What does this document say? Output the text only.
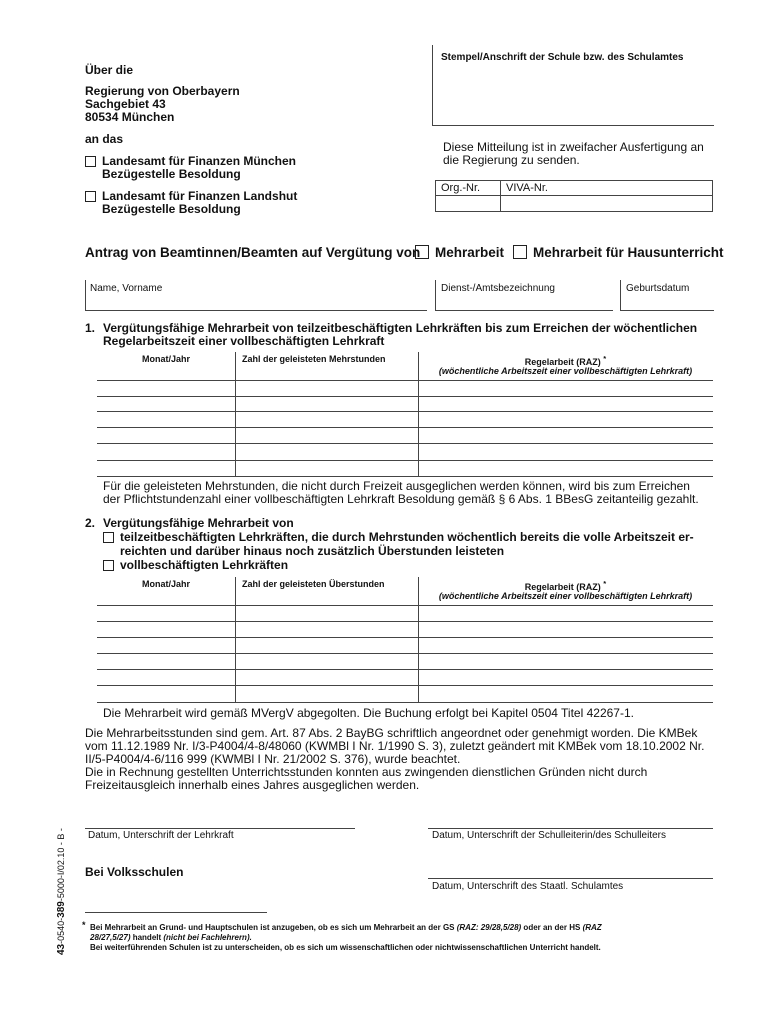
Stempel/Anschrift der Schule bzw. des Schulamtes
Über die
Regierung von Oberbayern
Sachgebiet 43
80534 München
an das
Landesamt für Finanzen München
Bezügestelle Besoldung
Landesamt für Finanzen Landshut
Bezügestelle Besoldung
Diese Mitteilung ist in zweifacher Ausfertigung an die Regierung zu senden.
Org.-Nr. VIVA-Nr.
Antrag von Beamtinnen/Beamten auf Vergütung von	Mehrarbeit	Mehrarbeit für Hausunterricht
Name, Vorname	Dienst-/Amtsbezeichnung	Geburtsdatum
1. Vergütungsfähige Mehrarbeit von teilzeitbeschäftigten Lehrkräften bis zum Erreichen der wöchentlichen
Regelarbeitszeit einer vollbeschäftigten Lehrkraft
Monat/Jahr	Zahl der geleisteten Mehrstunden	Regelarbeit (RAZ) *
(wöchentliche Arbeitszeit einer vollbeschäftigten Lehrkraft)
Für die geleisteten Mehrstunden, die nicht durch Freizeit ausgeglichen werden können, wird bis zum Erreichen der Pflichtstundenzahl einer vollbeschäftigten Lehrkraft Besoldung gemäß § 6 Abs. 1 BBesG zeitanteilig gezahlt.
2. Vergütungsfähige Mehrarbeit von
teilzeitbeschäftigten Lehrkräften, die durch Mehrstunden wöchentlich bereits die volle Arbeitszeit er-
reichten und darüber hinaus noch zusätzlich Überstunden leisteten
vollbeschäftigten Lehrkräften
Monat/Jahr	Zahl der geleisteten Überstunden	Regelarbeit (RAZ) *
(wöchentliche Arbeitszeit einer vollbeschäftigten Lehrkraft)
Die Mehrarbeit wird gemäß MVergV abgegolten. Die Buchung erfolgt bei Kapitel 0504 Titel 42267-1.
Die Mehrarbeitsstunden sind gem. Art. 87 Abs. 2 BayBG schriftlich angeordnet oder genehmigt worden. Die KMBek vom 11.12.1989 Nr. I/3-P4004/4-8/48060 (KWMBl I Nr. 1/1990 S. 3), zuletzt geändert mit KMBek vom 18.10.2002 Nr. II/5-P4004/4-6/116 999 (KWMBl I Nr. 21/2002 S. 376), wurde beachtet.
Die in Rechnung gestellten Unterrichtsstunden konnten aus zwingenden dienstlichen Gründen nicht durch Freizeitausgleich innerhalb eines Jahres ausgeglichen werden.
Datum, Unterschrift der Lehrkraft	Datum, Unterschrift der Schulleiterin/des Schulleiters
Bei Volksschulen
Datum, Unterschrift des Staatl. Schulamtes
* Bei Mehrarbeit an Grund- und Hauptschulen ist anzugeben, ob es sich um Mehrarbeit an der GS (RAZ: 29/28,5/28) oder an der HS (RAZ
28/27,5/27) handelt (nicht bei Fachlehrern).
Bei weiterführenden Schulen ist zu unterscheiden, ob es sich um wissenschaftlichen oder nichtwissenschaftlichen Unterricht handelt.
43-0540-389-5000-I/02.10 - B -
